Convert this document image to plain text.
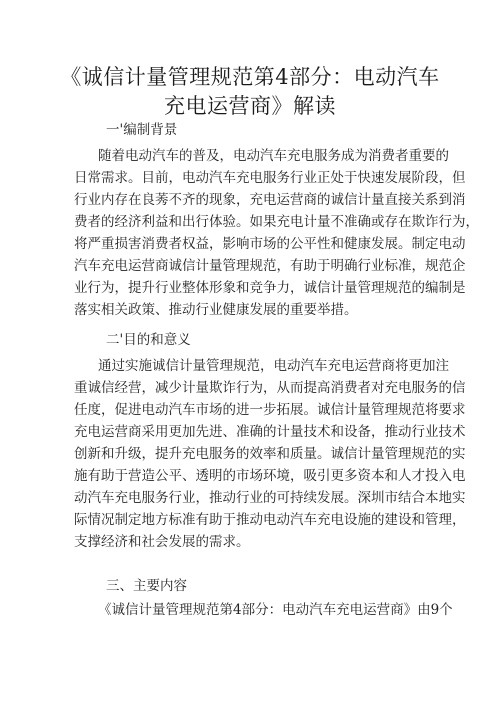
《诚信计量管理规范第4部分：电动汽车
充电运营商》解读
一'编制背景
随着电动汽车的普及，电动汽车充电服务成为消费者重要的
日常需求。目前，电动汽车充电服务行业正处于快速发展阶段，但
行业内存在良莠不齐的现象，充电运营商的诚信计量直接关系到消
费者的经济利益和出行体验。如果充电计量不准确或存在欺诈行为，
将严重损害消费者权益，影响市场的公平性和健康发展。制定电动
汽车充电运营商诚信计量管理规范，有助于明确行业标准，规范企
业行为，提升行业整体形象和竞争力，诚信计量管理规范的编制是
落实相关政策、推动行业健康发展的重要举措。
二'目的和意义
通过实施诚信计量管理规范，电动汽车充电运营商将更加注
重诚信经营，减少计量欺诈行为，从而提高消费者对充电服务的信
任度，促进电动汽车市场的进一步拓展。诚信计量管理规范将要求
充电运营商采用更加先进、准确的计量技术和设备，推动行业技术
创新和升级，提升充电服务的效率和质量。诚信计量管理规范的实
施有助于营造公平、透明的市场环境，吸引更多资本和人才投入电
动汽车充电服务行业，推动行业的可持续发展。深圳市结合本地实
际情况制定地方标准有助于推动电动汽车充电设施的建设和管理，
支撑经济和社会发展的需求。
三、主要内容
《诚信计量管理规范第4部分：电动汽车充电运营商》由9个
